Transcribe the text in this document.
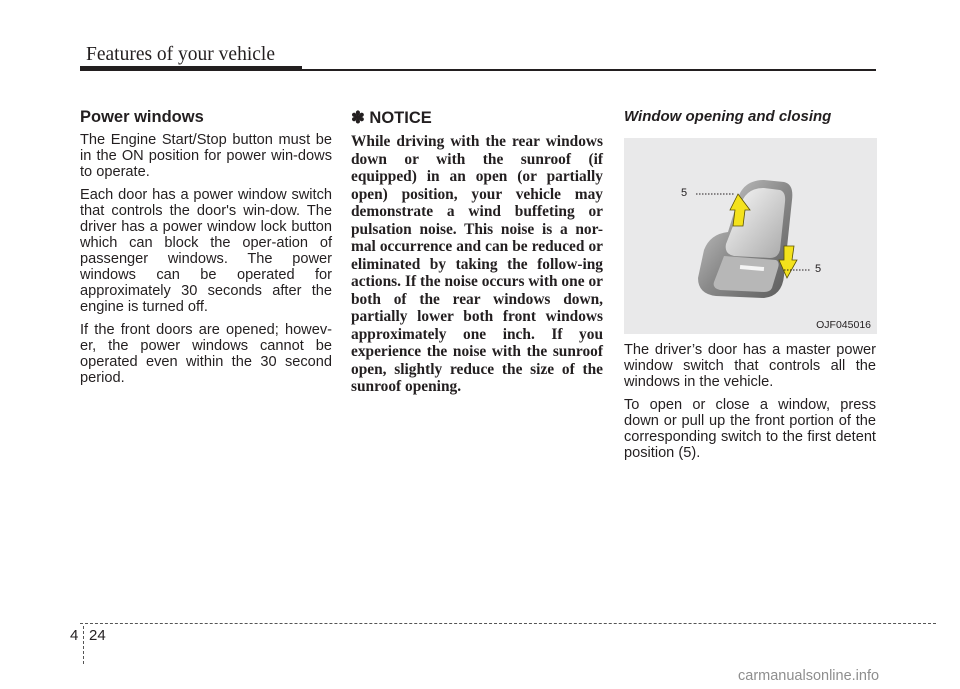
Features of your vehicle
Power windows

The Engine Start/Stop button must be in the ON position for power win-dows to operate.

Each door has a power window switch that controls the door's win-dow. The driver has a power window lock button which can block the oper-ation of passenger windows. The power windows can be operated for approximately 30 seconds after the engine is turned off.

If the front doors are opened; howev-er, the power windows cannot be operated even within the 30 second period.

✽ NOTICE

While driving with the rear windows down or with the sunroof (if equipped) in an open (or partially open) position, your vehicle may demonstrate a wind buffeting or pulsation noise. This noise is a nor-mal occurrence and can be reduced or eliminated by taking the follow-ing actions. If the noise occurs with one or both of the rear windows down, partially lower both front windows approximately one inch. If you experience the noise with the sunroof open, slightly reduce the size of the sunroof opening.

Window opening and closing
5
5
OJF045016

The driver’s door has a master power window switch that controls all the windows in the vehicle.

To open or close a window, press down or pull up the front portion of the corresponding switch to the first detent position (5).

4 24
carmanualsonline.info
